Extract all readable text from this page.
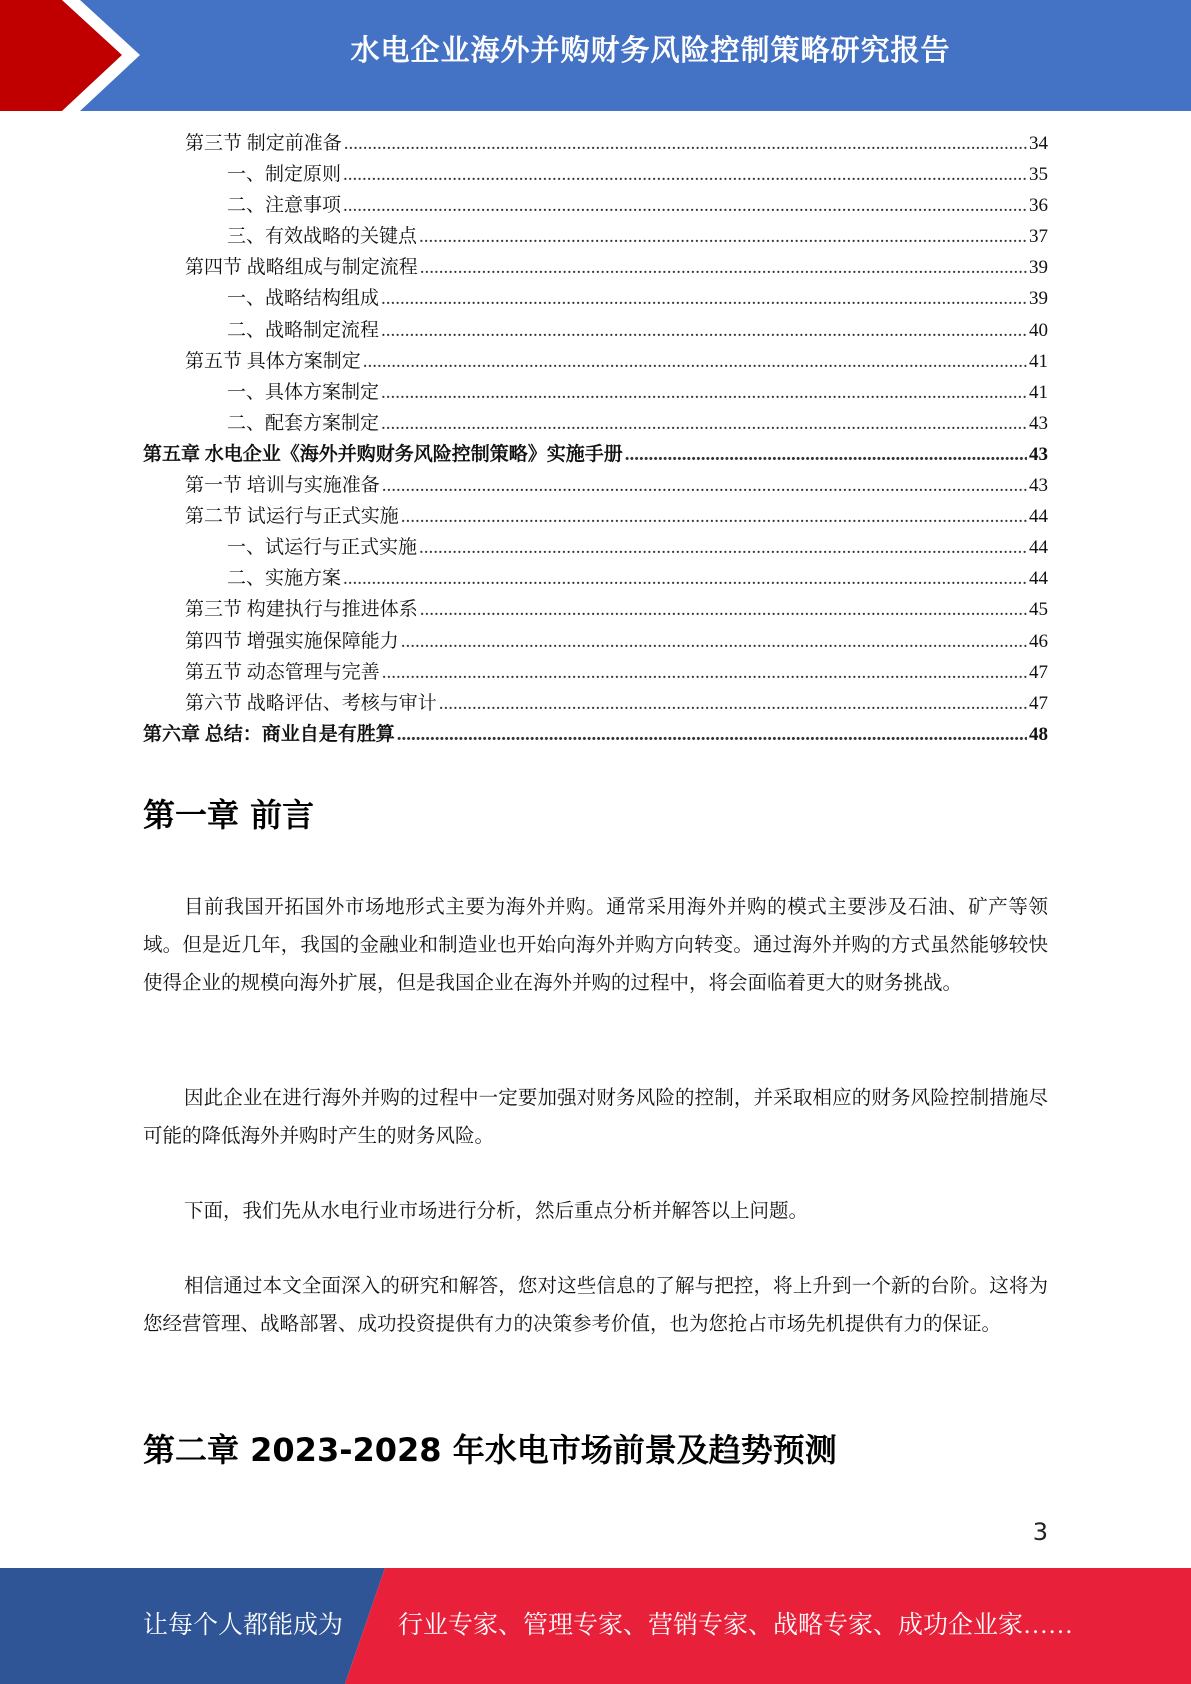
水电企业海外并购财务风险控制策略研究报告
第三节 制定前准备 .....	34
一、制定原则 .....	35
二、注意事项 .....	36
三、有效战略的关键点 .....	37
第四节 战略组成与制定流程 .....	39
一、战略结构组成 .....	39
二、战略制定流程 .....	40
第五节 具体方案制定 .....	41
一、具体方案制定 .....	41
二、配套方案制定 .....	43
第五章 水电企业《海外并购财务风险控制策略》实施手册 .....	43
第一节 培训与实施准备 .....	43
第二节 试运行与正式实施 .....	44
一、试运行与正式实施 .....	44
二、实施方案 .....	44
第三节 构建执行与推进体系 .....	45
第四节 增强实施保障能力 .....	46
第五节 动态管理与完善 .....	47
第六节 战略评估、考核与审计 .....	47
第六章 总结：商业自是有胜算 .....	48
第一章 前言

目前我国开拓国外市场地形式主要为海外并购。通常采用海外并购的模式主要涉及石油、矿产等领域。但是近几年，我国的金融业和制造业也开始向海外并购方向转变。通过海外并购的方式虽然能够较快使得企业的规模向海外扩展，但是我国企业在海外并购的过程中，将会面临着更大的财务挑战。

因此企业在进行海外并购的过程中一定要加强对财务风险的控制，并采取相应的财务风险控制措施尽可能的降低海外并购时产生的财务风险。

下面，我们先从水电行业市场进行分析，然后重点分析并解答以上问题。

相信通过本文全面深入的研究和解答，您对这些信息的了解与把控，将上升到一个新的台阶。这将为您经营管理、战略部署、成功投资提供有力的决策参考价值，也为您抢占市场先机提供有力的保证。

第二章 2023-2028 年水电市场前景及趋势预测
3
让每个人都能成为 行业专家、管理专家、营销专家、战略专家、成功企业家……
